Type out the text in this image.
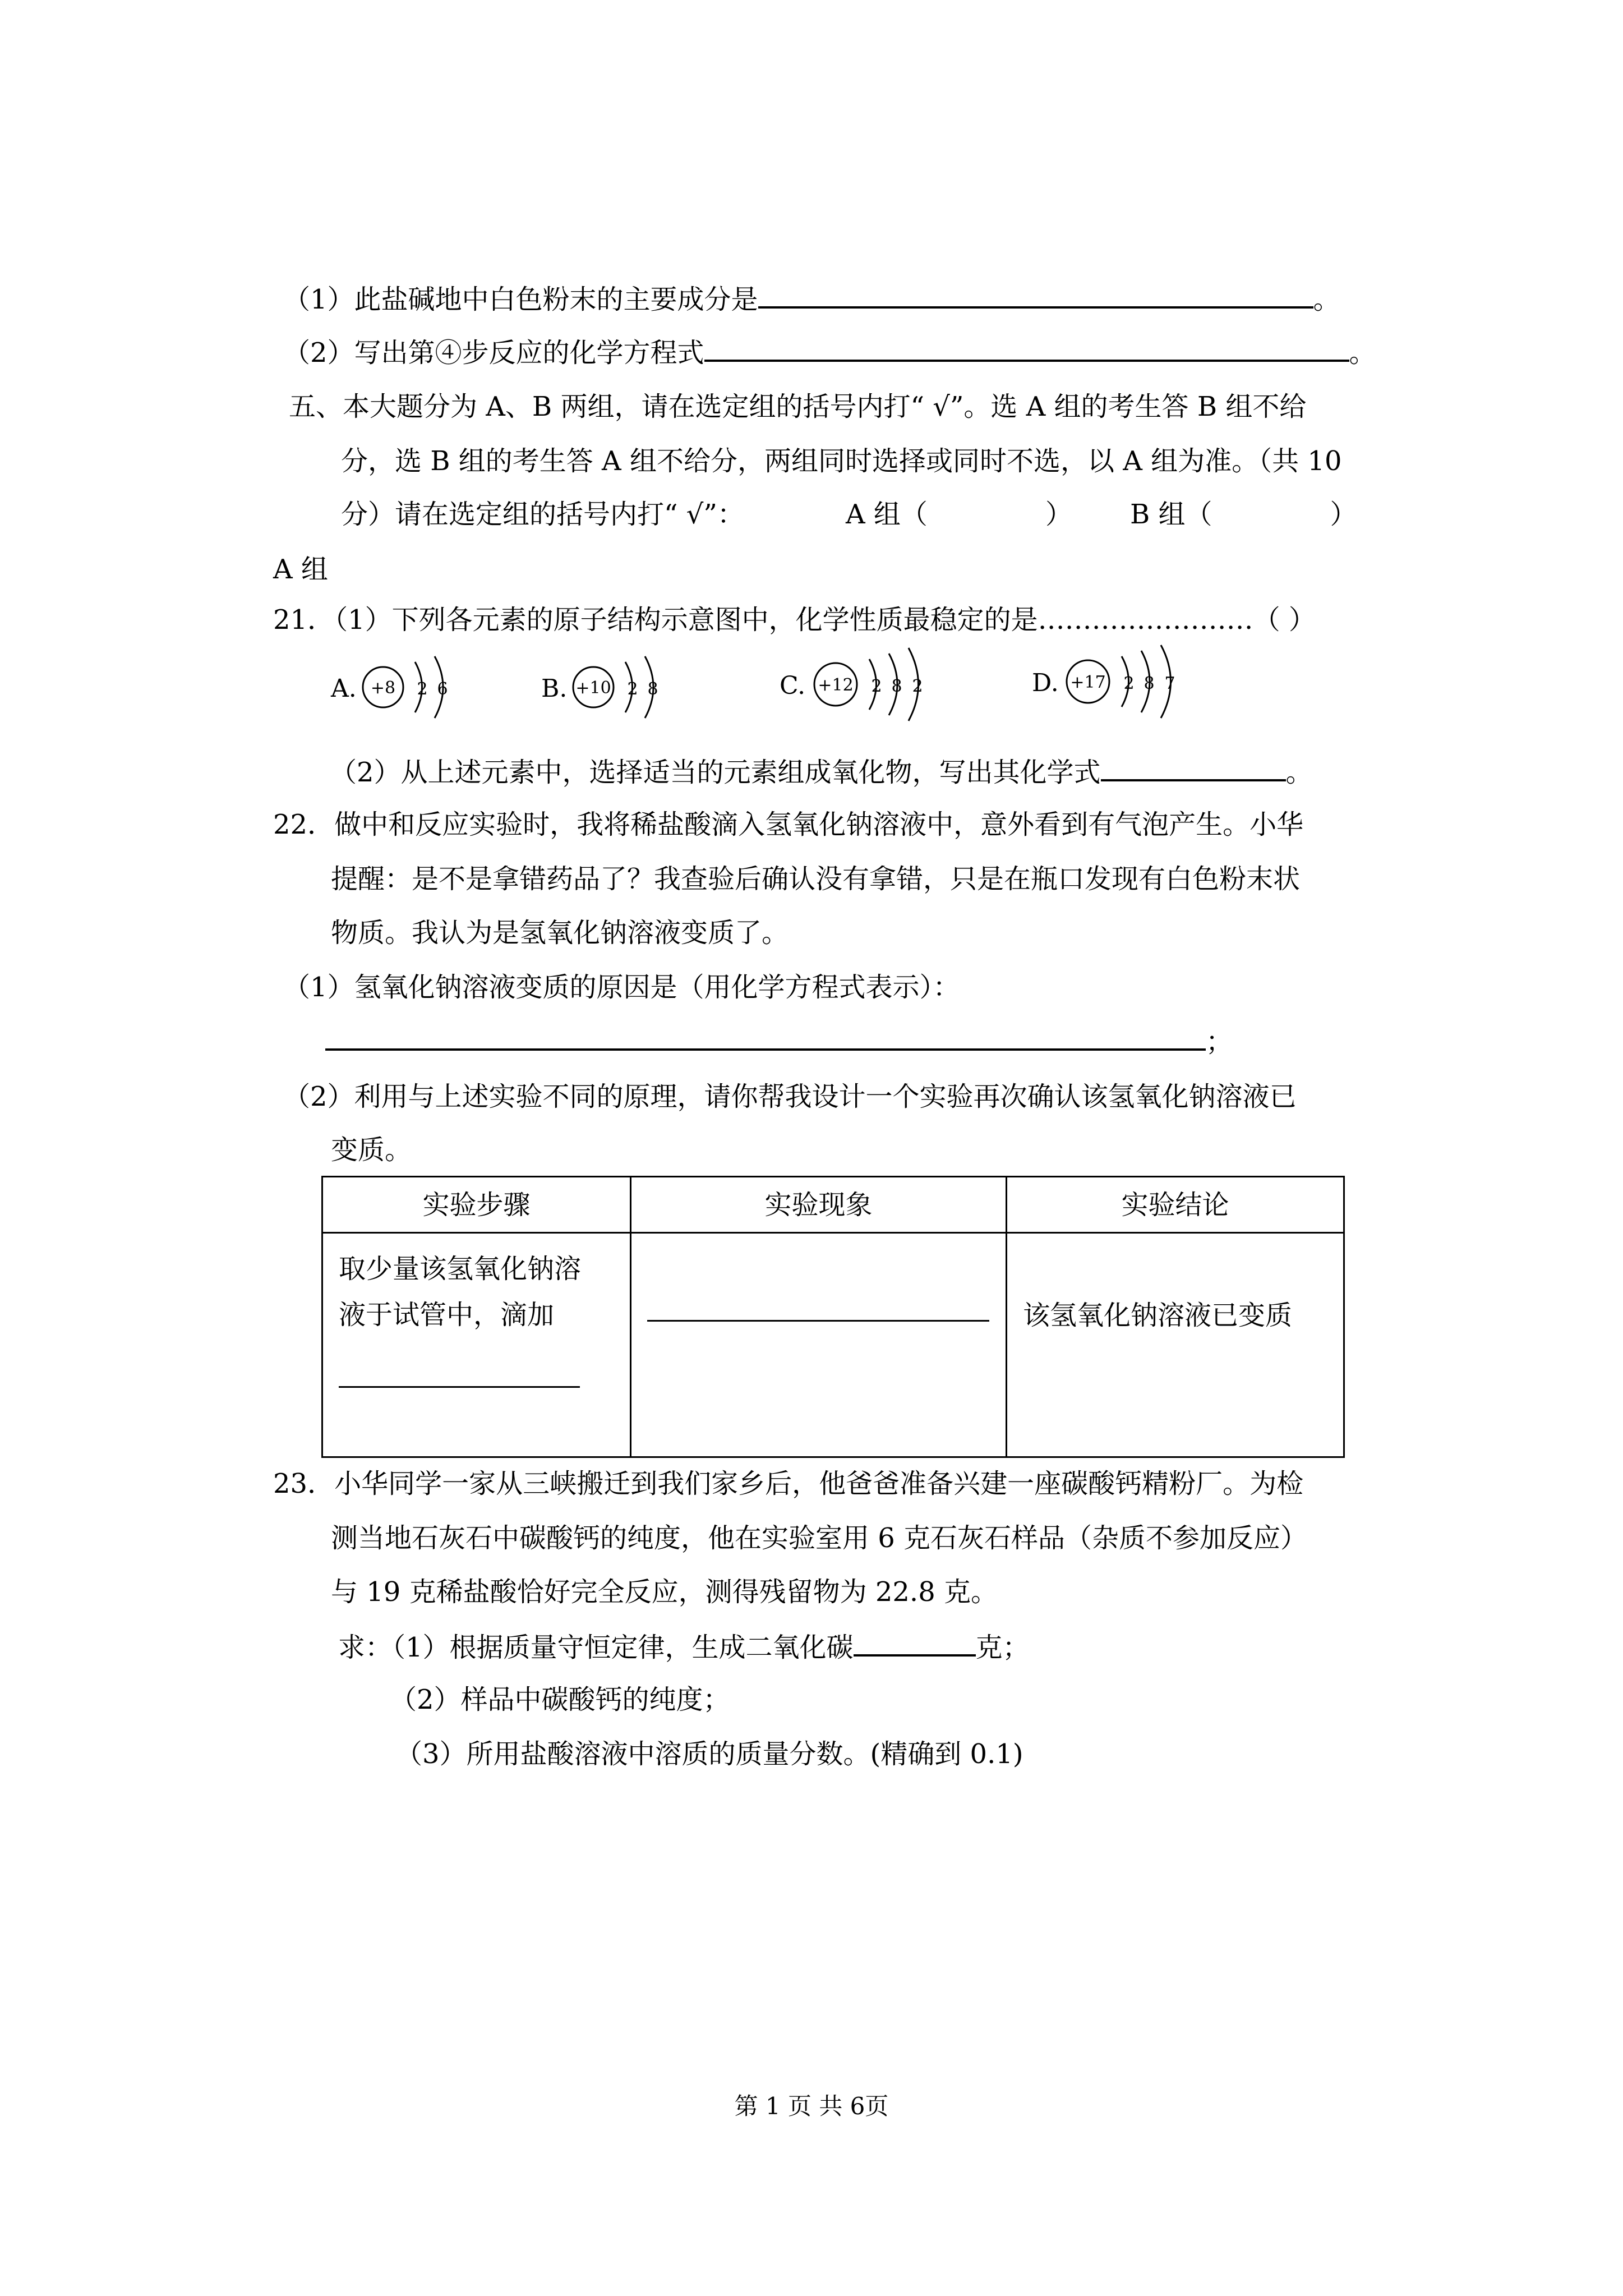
（1）此盐碱地中白色粉末的主要成分是	。
（2）写出第④步反应的化学方程式	。
五、本大题分为 A、B 两组，请在选定组的括号内打“ √”。选 A 组的考生答 B 组不给
分，选 B 组的考生答 A 组不给分，两组同时选择或同时不选，以 A 组为准。（共 10
分）请在选定组的括号内打“ √”：	A 组（	） B 组（	）
A 组
21．（1）下列各元素的原子结构示意图中，化学性质最稳定的是……………………（ ）
A. +8 2 6	B. +10 2 8	C. +12 2 8 2	D. +17 2 8 7
（2）从上述元素中，选择适当的元素组成氧化物，写出其化学式	。
22．做中和反应实验时，我将稀盐酸滴入氢氧化钠溶液中，意外看到有气泡产生。小华
提醒：是不是拿错药品了？我查验后确认没有拿错，只是在瓶口发现有白色粉末状
物质。我认为是氢氧化钠溶液变质了。
（1）氢氧化钠溶液变质的原因是（用化学方程式表示）：
；
（2）利用与上述实验不同的原理，请你帮我设计一个实验再次确认该氢氧化钠溶液已
变质。
实验步骤	实验现象	实验结论

取少量该氢氧化钠溶
液于试管中，滴加		该氢氧化钠溶液已变质
23．小华同学一家从三峡搬迁到我们家乡后，他爸爸准备兴建一座碳酸钙精粉厂。为检
测当地石灰石中碳酸钙的纯度，他在实验室用 6 克石灰石样品（杂质不参加反应）
与 19 克稀盐酸恰好完全反应，测得残留物为 22.8 克。
求：（1）根据质量守恒定律，生成二氧化碳	克；
（2）样品中碳酸钙的纯度；
（3）所用盐酸溶液中溶质的质量分数。(精确到 0.1)
第 1 页 共 6页
